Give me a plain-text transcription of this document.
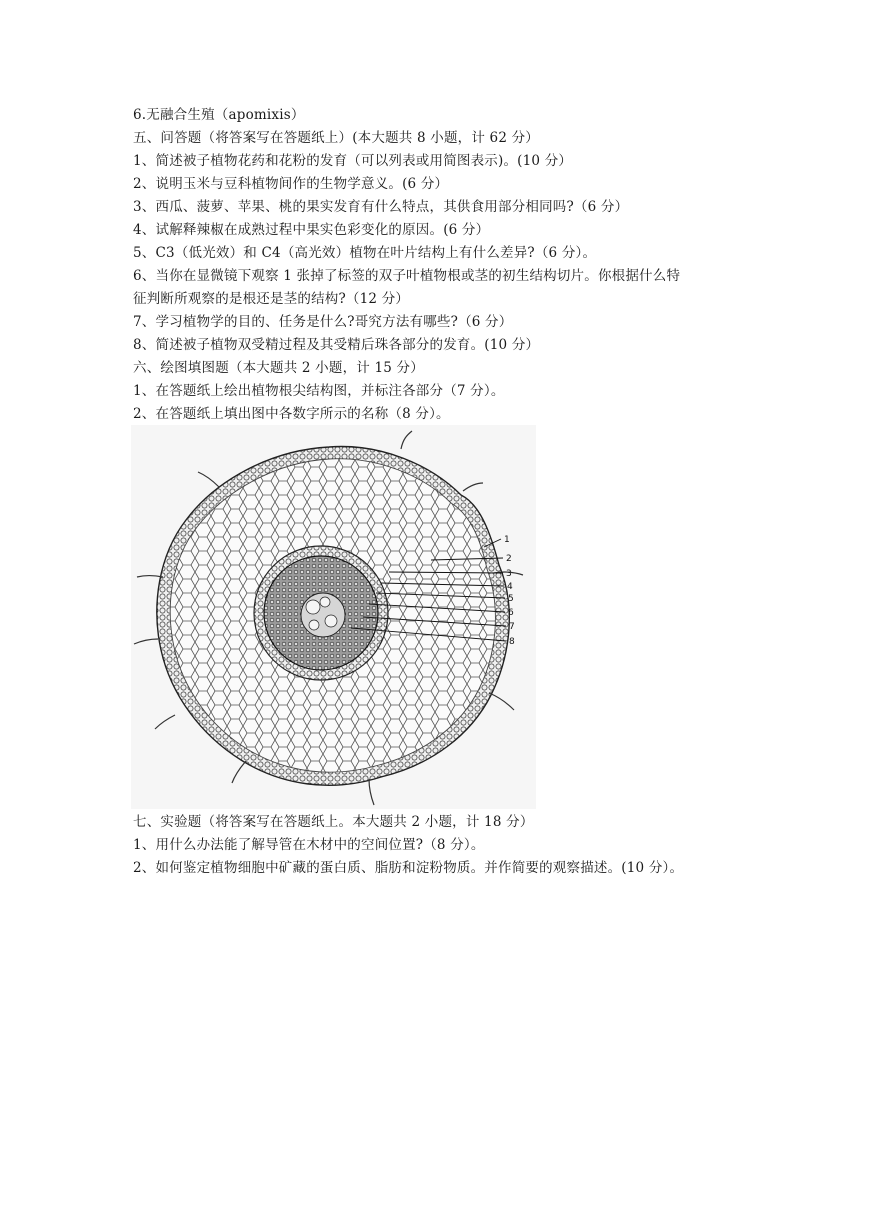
6.无融合生殖（apomixis）
五、问答题（将答案写在答题纸上）(本大题共 8 小题，计 62 分）
1、简述被子植物花药和花粉的发育（可以列表或用简图表示)。(10 分）
2、说明玉米与豆科植物间作的生物学意义。(6 分）
3、西瓜、菠萝、苹果、桃的果实发育有什么特点，其供食用部分相同吗?（6 分）
4、试解释辣椒在成熟过程中果实色彩变化的原因。(6 分）
5、C3（低光效）和 C4（高光效）植物在叶片结构上有什么差异?（6 分）。
6、当你在显微镜下观察 1 张掉了标签的双子叶植物根或茎的初生结构切片。你根据什么特
征判断所观察的是根还是茎的结构?（12 分）
7、学习植物学的目的、任务是什么?哥究方法有哪些?（6 分）
8、简述被子植物双受精过程及其受精后珠各部分的发育。(10 分）
六、绘图填图题（本大题共 2 小题，计 15 分）
1、在答题纸上绘出植物根尖结构图，并标注各部分（7 分）。
2、在答题纸上填出图中各数字所示的名称（8 分）。
1
2
3
4
5
6
7
8
七、实验题（将答案写在答题纸上。本大题共 2 小题，计 18 分）
1、用什么办法能了解导管在木材中的空间位置?（8 分）。
2、如何鉴定植物细胞中矿藏的蛋白质、脂肪和淀粉物质。并作简要的观察描述。(10 分）。
